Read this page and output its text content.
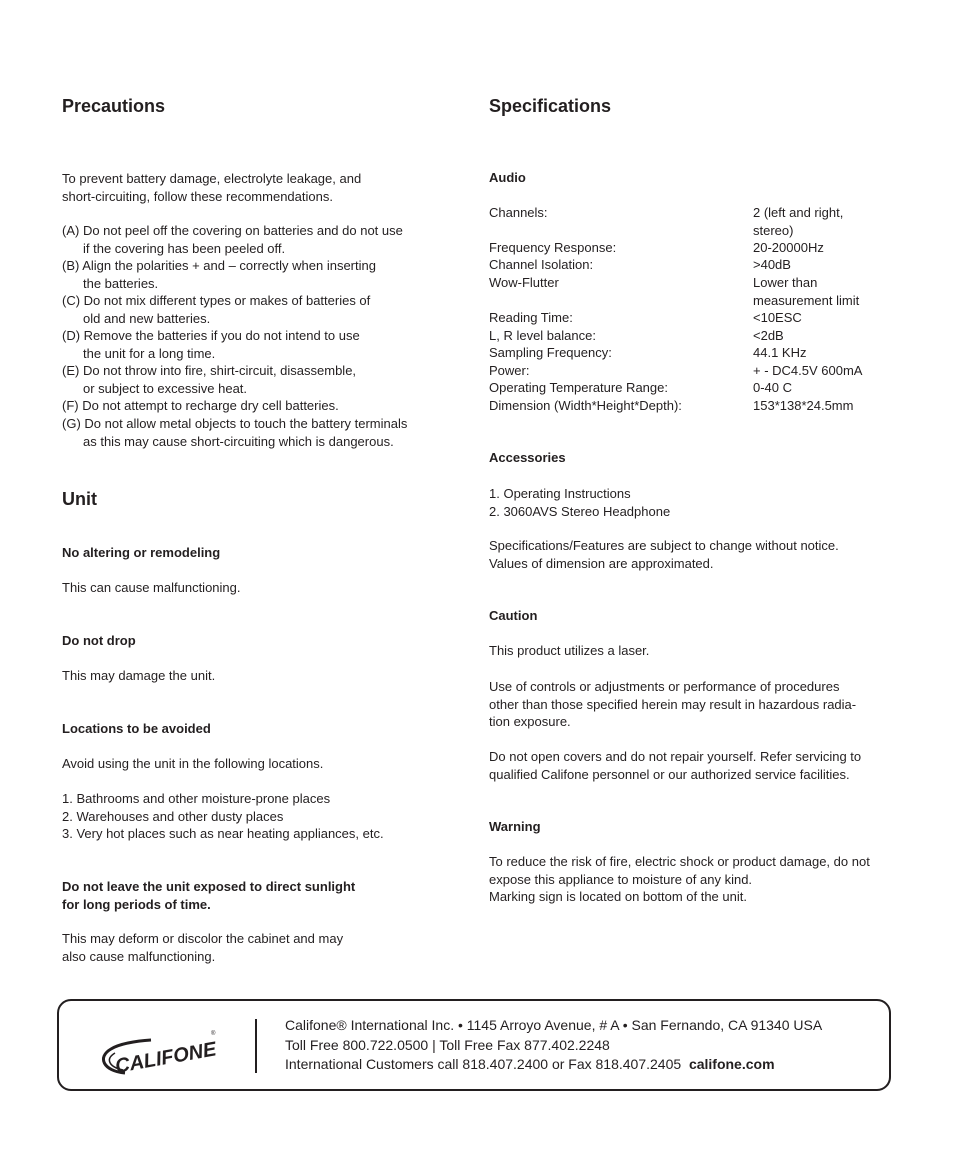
Precautions

To prevent battery damage, electrolyte leakage, and
short-circuiting, follow these recommendations.

(A) Do not peel off the covering on batteries and do not use
if the covering has been peeled off.

(B) Align the polarities + and – correctly when inserting
the batteries.

(C) Do not mix different types or makes of batteries of
old and new batteries.

(D) Remove the batteries if you do not intend to use
the unit for a long time.

(E) Do not throw into fire, shirt-circuit, disassemble,
or subject to excessive heat.

(F) Do not attempt to recharge dry cell batteries.

(G) Do not allow metal objects to touch the battery terminals
as this may cause short-circuiting which is dangerous.

Unit

No altering or remodeling

This can cause malfunctioning.

Do not drop

This may damage the unit.

Locations to be avoided

Avoid using the unit in the following locations.

1. Bathrooms and other moisture-prone places
2. Warehouses and other dusty places
3. Very hot places such as near heating appliances, etc.

Do not leave the unit exposed to direct sunlight
for long periods of time.

This may deform or discolor the cabinet and may
also cause malfunctioning.

Specifications

Audio

Channels:	2 (left and right, stereo)
Frequency Response:	20-20000Hz
Channel Isolation:	>40dB
Wow-Flutter	Lower than measurement limit
Reading Time:	<10ESC
L, R level balance:	<2dB
Sampling Frequency:	44.1 KHz
Power:	+ - DC4.5V 600mA
Operating Temperature Range:	0-40 C
Dimension (Width*Height*Depth):	153*138*24.5mm

Accessories

1. Operating Instructions
2. 3060AVS Stereo Headphone

Specifications/Features are subject to change without notice.
Values of dimension are approximated.

Caution

This product utilizes a laser.

Use of controls or adjustments or performance of procedures
other than those specified herein may result in hazardous radia-
tion exposure.

Do not open covers and do not repair yourself. Refer servicing to
qualified Califone personnel or our authorized service facilities.

Warning

To reduce the risk of fire, electric shock or product damage, do not
expose this appliance to moisture of any kind.
Marking sign is located on bottom of the unit.

CALIFONE
®
Califone® International Inc. • 1145 Arroyo Avenue, # A • San Fernando, CA 91340 USA
Toll Free 800.722.0500 | Toll Free Fax 877.402.2248
International Customers call 818.407.2400 or Fax 818.407.2405 califone.com
